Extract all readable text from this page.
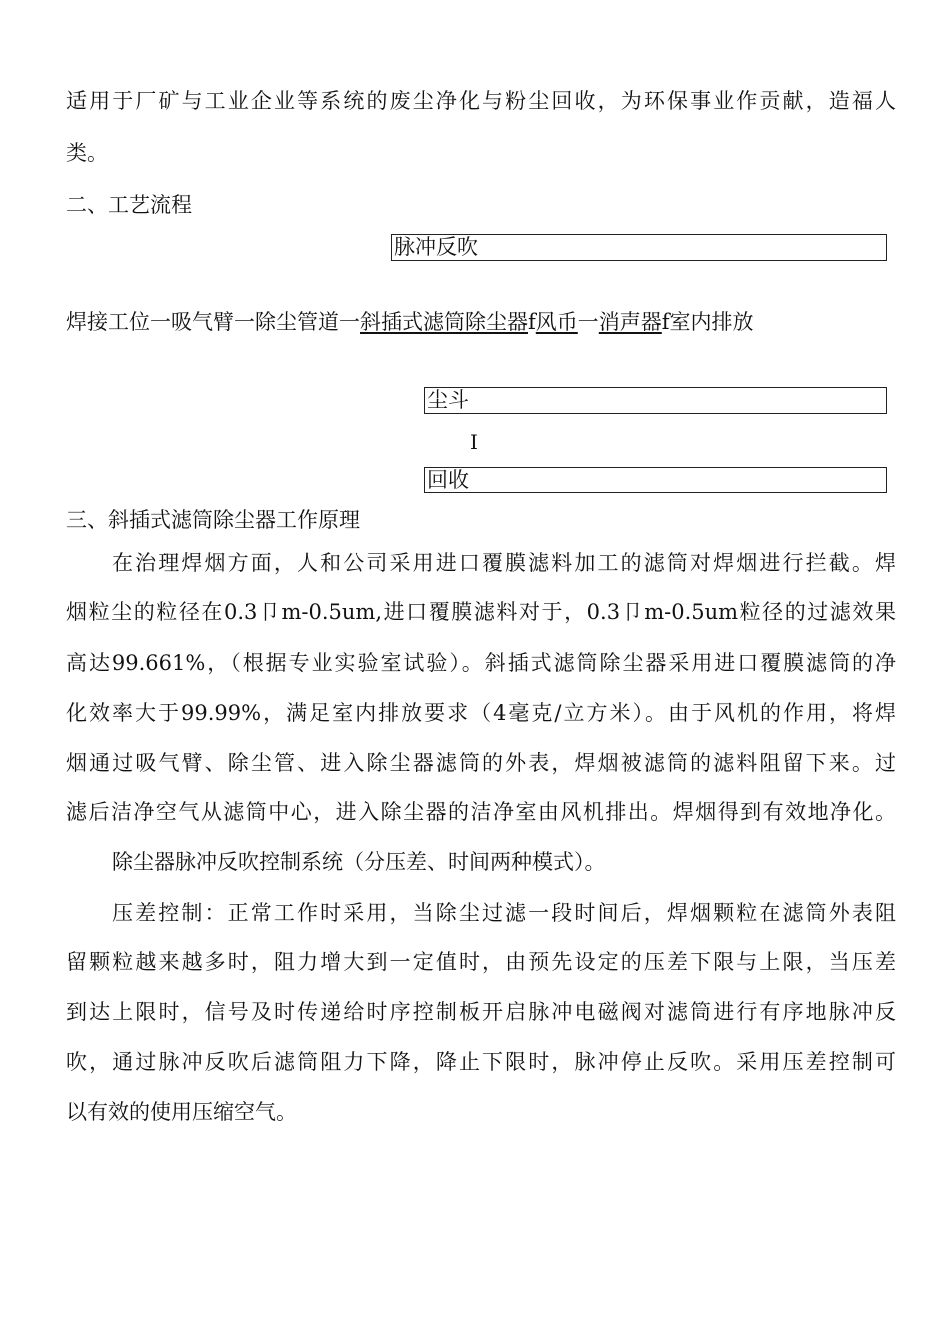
适用于厂矿与工业企业等系统的废尘净化与粉尘回收，为环保事业作贡献，造福人

类。

二、工艺流程

脉冲反吹

焊接工位一吸气臂一除尘管道一斜插式滤筒除尘器f风币一消声器f室内排放

尘斗
I
回收

三、斜插式滤筒除尘器工作原理

在治理焊烟方面，人和公司采用进口覆膜滤料加工的滤筒对焊烟进行拦截。焊

烟粒尘的粒径在0.3卩m-0.5um,进口覆膜滤料对于，0.3卩m-0.5um粒径的过滤效果

高达99.661%，（根据专业实验室试验）。斜插式滤筒除尘器采用进口覆膜滤筒的净

化效率大于99.99%，满足室内排放要求（4毫克/立方米）。由于风机的作用，将焊

烟通过吸气臂、除尘管、进入除尘器滤筒的外表，焊烟被滤筒的滤料阻留下来。过

滤后洁净空气从滤筒中心，进入除尘器的洁净室由风机排出。焊烟得到有效地净化。

除尘器脉冲反吹控制系统（分压差、时间两种模式）。

压差控制：正常工作时采用，当除尘过滤一段时间后，焊烟颗粒在滤筒外表阻

留颗粒越来越多时，阻力增大到一定值时，由预先设定的压差下限与上限，当压差

到达上限时，信号及时传递给时序控制板开启脉冲电磁阀对滤筒进行有序地脉冲反

吹，通过脉冲反吹后滤筒阻力下降，降止下限时，脉冲停止反吹。采用压差控制可

以有效的使用压缩空气。
